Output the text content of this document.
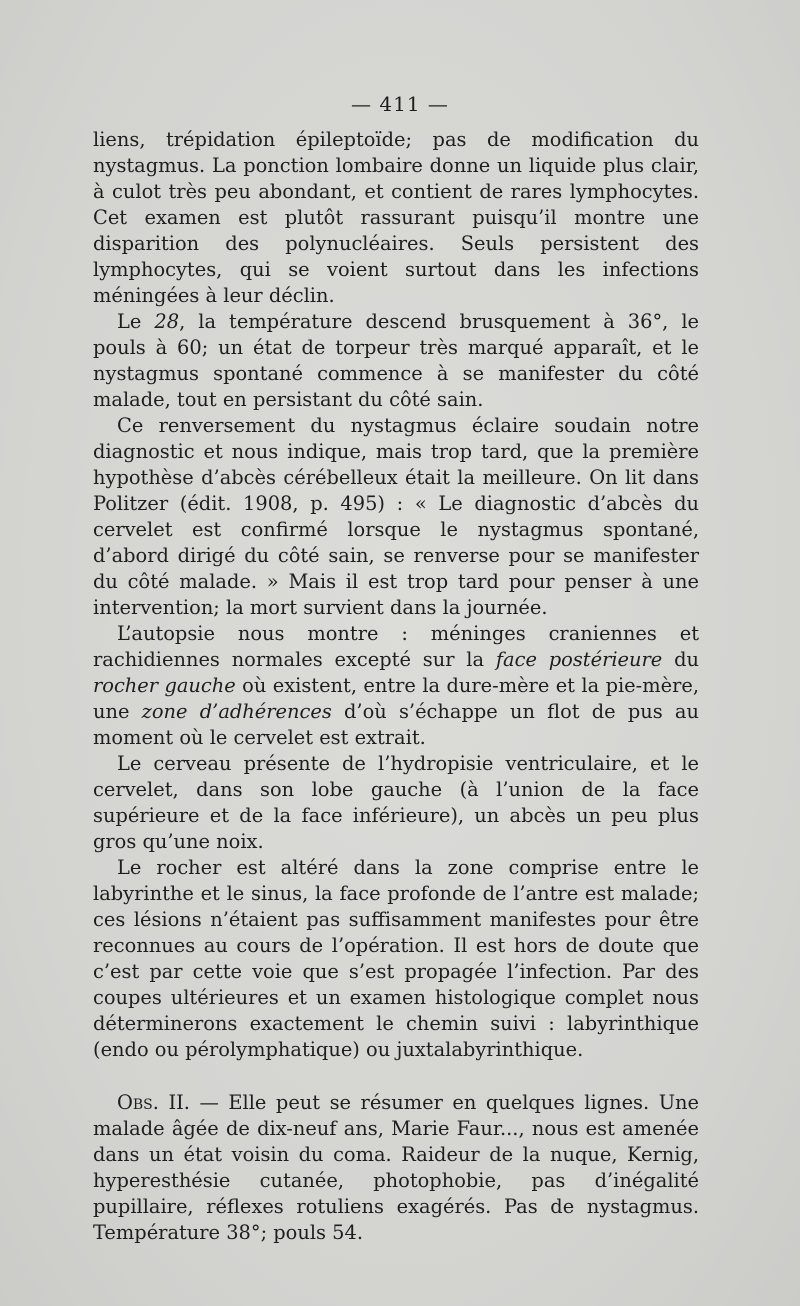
— 411 —

liens, trépidation épileptoïde; pas de modification du nystagmus. La ponction lombaire donne un liquide plus clair, à culot très peu abondant, et contient de rares lymphocytes. Cet examen est plutôt rassurant puisqu’il montre une disparition des polynucléaires. Seuls persistent des lymphocytes, qui se voient surtout dans les infections méningées à leur déclin.

Le 28, la température descend brusquement à 36°, le pouls à 60; un état de torpeur très marqué apparaît, et le nystagmus spontané commence à se manifester du côté malade, tout en persistant du côté sain.

Ce renversement du nystagmus éclaire soudain notre diagnostic et nous indique, mais trop tard, que la première hypothèse d’abcès cérébelleux était la meilleure. On lit dans Politzer (édit. 1908, p. 495) : « Le diagnostic d’abcès du cervelet est confirmé lorsque le nystagmus spontané, d’abord dirigé du côté sain, se renverse pour se manifester du côté malade. » Mais il est trop tard pour penser à une intervention; la mort survient dans la journée.

L’autopsie nous montre : méninges craniennes et rachidiennes normales excepté sur la face postérieure du rocher gauche où existent, entre la dure-mère et la pie-mère, une zone d’adhérences d’où s’échappe un flot de pus au moment où le cervelet est extrait.

Le cerveau présente de l’hydropisie ventriculaire, et le cervelet, dans son lobe gauche (à l’union de la face supérieure et de la face inférieure), un abcès un peu plus gros qu’une noix.

Le rocher est altéré dans la zone comprise entre le labyrinthe et le sinus, la face profonde de l’antre est malade; ces lésions n’étaient pas suffisamment manifestes pour être reconnues au cours de l’opération. Il est hors de doute que c’est par cette voie que s’est propagée l’infection. Par des coupes ultérieures et un examen histologique complet nous déterminerons exactement le chemin suivi : labyrinthique (endo ou pérolymphatique) ou juxtalabyrinthique.

Obs. II. — Elle peut se résumer en quelques lignes. Une malade âgée de dix-neuf ans, Marie Faur..., nous est amenée dans un état voisin du coma. Raideur de la nuque, Kernig, hyperesthésie cutanée, photophobie, pas d’inégalité pupillaire, réflexes rotuliens exagérés. Pas de nystagmus. Température 38°; pouls 54.
